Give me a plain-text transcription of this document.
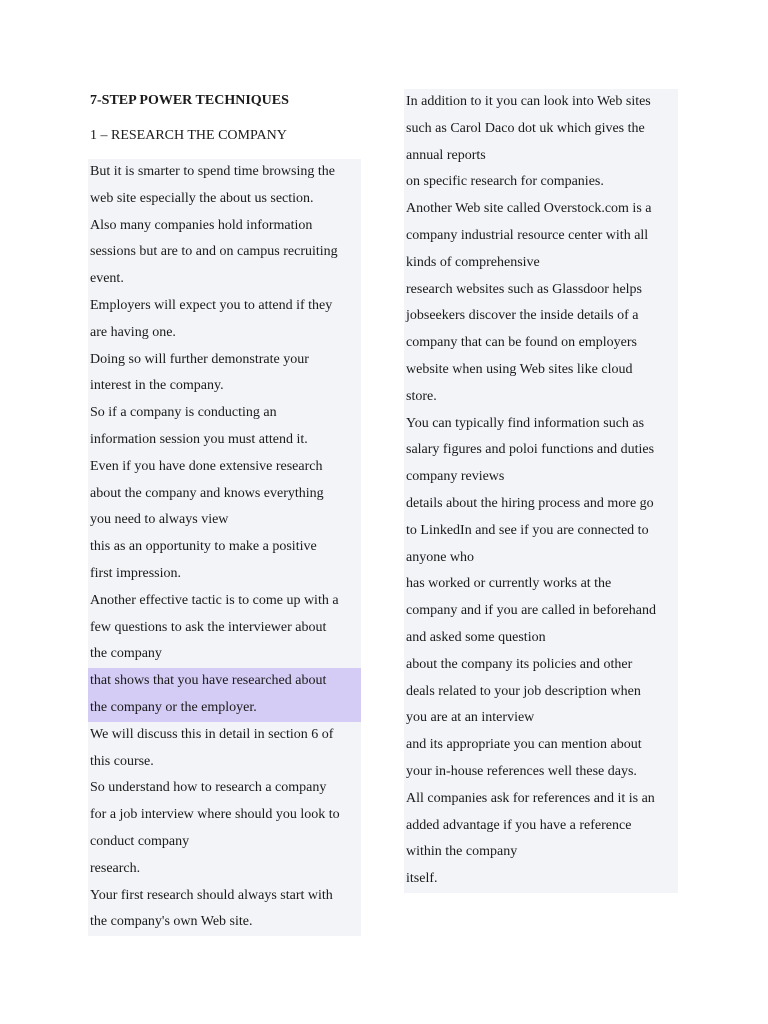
7-STEP POWER TECHNIQUES
1 – RESEARCH THE COMPANY
But it is smarter to spend time browsing the
web site especially the about us section.
Also many companies hold information
sessions but are to and on campus recruiting
event.
Employers will expect you to attend if they
are having one.
Doing so will further demonstrate your
interest in the company.
So if a company is conducting an
information session you must attend it.
Even if you have done extensive research
about the company and knows everything
you need to always view
this as an opportunity to make a positive
first impression.
Another effective tactic is to come up with a
few questions to ask the interviewer about
the company
that shows that you have researched about
the company or the employer.
We will discuss this in detail in section 6 of
this course.
So understand how to research a company
for a job interview where should you look to
conduct company
research.
Your first research should always start with
the company's own Web site.
In addition to it you can look into Web sites
such as Carol Daco dot uk which gives the
annual reports
on specific research for companies.
Another Web site called Overstock.com is a
company industrial resource center with all
kinds of comprehensive
research websites such as Glassdoor helps
jobseekers discover the inside details of a
company that can be found on employers
website when using Web sites like cloud
store.
You can typically find information such as
salary figures and poloi functions and duties
company reviews
details about the hiring process and more go
to LinkedIn and see if you are connected to
anyone who
has worked or currently works at the
company and if you are called in beforehand
and asked some question
about the company its policies and other
deals related to your job description when
you are at an interview
and its appropriate you can mention about
your in-house references well these days.
All companies ask for references and it is an
added advantage if you have a reference
within the company
itself.
